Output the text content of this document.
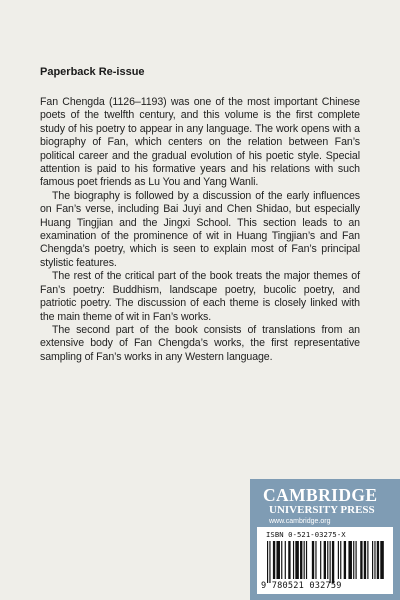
Paperback Re-issue

Fan Chengda (1126–1193) was one of the most important Chinese poets of the twelfth century, and this volume is the first complete study of his poetry to appear in any language. The work opens with a biography of Fan, which centers on the relation between Fan’s political career and the gradual evolution of his poetic style. Special attention is paid to his formative years and his relations with such famous poet friends as Lu You and Yang Wanli.

The biography is followed by a discussion of the early influences on Fan’s verse, including Bai Juyi and Chen Shidao, but especially Huang Tingjian and the Jingxi School. This section leads to an examination of the prominence of wit in Huang Tingjian’s and Fan Chengda’s poetry, which is seen to explain most of Fan’s principal stylistic features.

The rest of the critical part of the book treats the major themes of Fan’s poetry: Buddhism, landscape poetry, bucolic poetry, and patriotic poetry. The discussion of each theme is closely linked with the main theme of wit in Fan’s works.

The second part of the book consists of translations from an extensive body of Fan Chengda’s works, the first representative sampling of Fan’s works in any Western language.

CAMBRIDGE
UNIVERSITY PRESS
www.cambridge.org
ISBN 0-521-03275-X
9 780521 032759
